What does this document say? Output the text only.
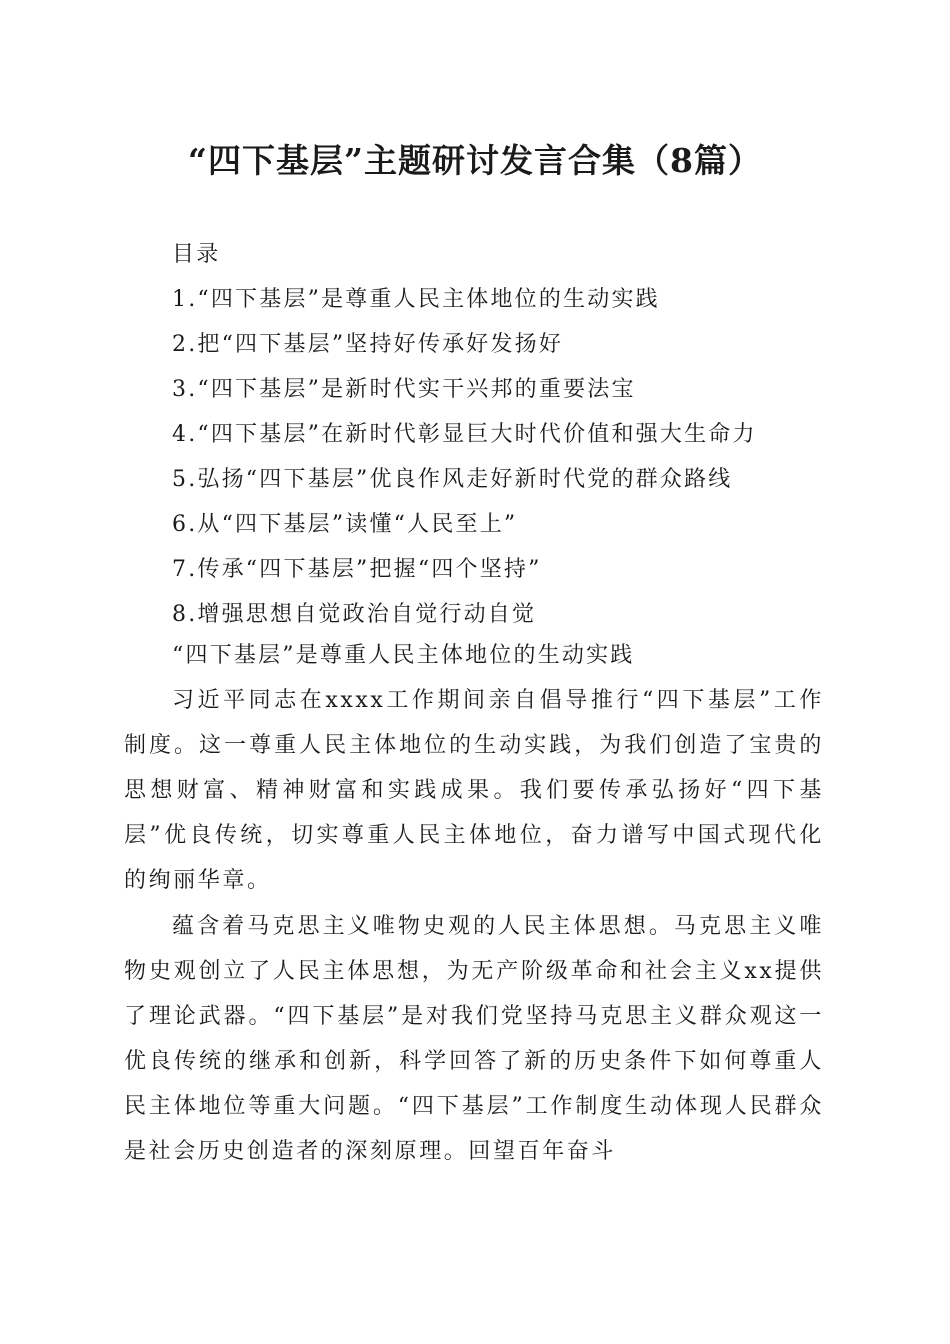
“四下基层”主题研讨发言合集（8篇）
目录
1.“四下基层”是尊重人民主体地位的生动实践
2.把“四下基层”坚持好传承好发扬好
3.“四下基层”是新时代实干兴邦的重要法宝
4.“四下基层”在新时代彰显巨大时代价值和强大生命力
5.弘扬“四下基层”优良作风走好新时代党的群众路线
6.从“四下基层”读懂“人民至上”
7.传承“四下基层”把握“四个坚持”
8.增强思想自觉政治自觉行动自觉

“四下基层”是尊重人民主体地位的生动实践

习近平同志在xxxx工作期间亲自倡导推行“四下基层”工作制度。这一尊重人民主体地位的生动实践，为我们创造了宝贵的思想财富、精神财富和实践成果。我们要传承弘扬好“四下基层”优良传统，切实尊重人民主体地位，奋力谱写中国式现代化的绚丽华章。

蕴含着马克思主义唯物史观的人民主体思想。马克思主义唯物史观创立了人民主体思想，为无产阶级革命和社会主义xx提供了理论武器。“四下基层”是对我们党坚持马克思主义群众观这一优良传统的继承和创新，科学回答了新的历史条件下如何尊重人民主体地位等重大问题。“四下基层”工作制度生动体现人民群众是社会历史创造者的深刻原理。回望百年奋斗
